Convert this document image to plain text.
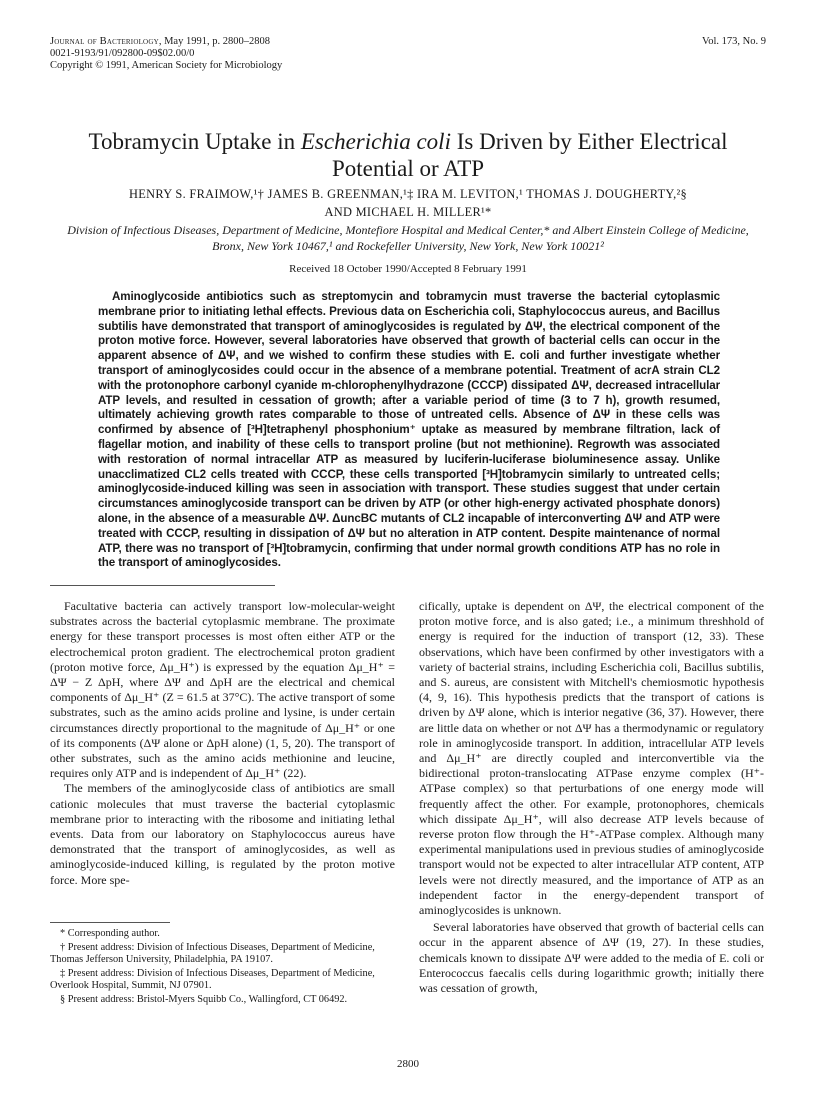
Journal of Bacteriology, May 1991, p. 2800–2808
0021-9193/91/092800-09$02.00/0
Copyright © 1991, American Society for Microbiology
Vol. 173, No. 9
Tobramycin Uptake in Escherichia coli Is Driven by Either Electrical Potential or ATP
HENRY S. FRAIMOW,¹† JAMES B. GREENMAN,¹‡ IRA M. LEVITON,¹ THOMAS J. DOUGHERTY,²§
AND MICHAEL H. MILLER¹*
Division of Infectious Diseases, Department of Medicine, Montefiore Hospital and Medical Center,* and Albert Einstein College of Medicine, Bronx, New York 10467,¹ and Rockefeller University, New York, New York 10021²
Received 18 October 1990/Accepted 8 February 1991

Aminoglycoside antibiotics such as streptomycin and tobramycin must traverse the bacterial cytoplasmic membrane prior to initiating lethal effects. Previous data on Escherichia coli, Staphylococcus aureus, and Bacillus subtilis have demonstrated that transport of aminoglycosides is regulated by ΔΨ, the electrical component of the proton motive force. However, several laboratories have observed that growth of bacterial cells can occur in the apparent absence of ΔΨ, and we wished to confirm these studies with E. coli and further investigate whether transport of aminoglycosides could occur in the absence of a membrane potential. Treatment of acrA strain CL2 with the protonophore carbonyl cyanide m-chlorophenylhydrazone (CCCP) dissipated ΔΨ, decreased intracellular ATP levels, and resulted in cessation of growth; after a variable period of time (3 to 7 h), growth resumed, ultimately achieving growth rates comparable to those of untreated cells. Absence of ΔΨ in these cells was confirmed by absence of [³H]tetraphenyl phosphonium⁺ uptake as measured by membrane filtration, lack of flagellar motion, and inability of these cells to transport proline (but not methionine). Regrowth was associated with restoration of normal intracellar ATP as measured by luciferin-luciferase bioluminesence assay. Unlike unacclimatized CL2 cells treated with CCCP, these cells transported [³H]tobramycin similarly to untreated cells; aminoglycoside-induced killing was seen in association with transport. These studies suggest that under certain circumstances aminoglycoside transport can be driven by ATP (or other high-energy activated phosphate donors) alone, in the absence of a measurable ΔΨ. ΔuncBC mutants of CL2 incapable of interconverting ΔΨ and ATP were treated with CCCP, resulting in dissipation of ΔΨ but no alteration in ATP content. Despite maintenance of normal ATP, there was no transport of [³H]tobramycin, confirming that under normal growth conditions ATP has no role in the transport of aminoglycosides.

Facultative bacteria can actively transport low-molecular-weight substrates across the bacterial cytoplasmic membrane. The proximate energy for these transport processes is most often either ATP or the electrochemical proton gradient. The electrochemical proton gradient (proton motive force, Δμ_H⁺) is expressed by the equation Δμ_H⁺ = ΔΨ − Z ΔpH, where ΔΨ and ΔpH are the electrical and chemical components of Δμ_H⁺ (Z = 61.5 at 37°C). The active transport of some substrates, such as the amino acids proline and lysine, is under certain circumstances directly proportional to the magnitude of Δμ_H⁺ or one of its components (ΔΨ alone or ΔpH alone) (1, 5, 20). The transport of other substrates, such as the amino acids methionine and leucine, requires only ATP and is independent of Δμ_H⁺ (22).

The members of the aminoglycoside class of antibiotics are small cationic molecules that must traverse the bacterial cytoplasmic membrane prior to interacting with the ribosome and initiating lethal events. Data from our laboratory on Staphylococcus aureus have demonstrated that the transport of aminoglycosides, as well as aminoglycoside-induced killing, is regulated by the proton motive force. More spe-

cifically, uptake is dependent on ΔΨ, the electrical component of the proton motive force, and is also gated; i.e., a minimum threshhold of energy is required for the induction of transport (12, 33). These observations, which have been confirmed by other investigators with a variety of bacterial strains, including Escherichia coli, Bacillus subtilis, and S. aureus, are consistent with Mitchell's chemiosmotic hypothesis (4, 9, 16). This hypothesis predicts that the transport of cations is driven by ΔΨ alone, which is interior negative (36, 37). However, there are little data on whether or not ΔΨ has a thermodynamic or regulatory role in aminoglycoside transport. In addition, intracellular ATP levels and Δμ_H⁺ are directly coupled and interconvertible via the bidirectional proton-translocating ATPase enzyme complex (H⁺-ATPase complex) so that perturbations of one energy mode will frequently affect the other. For example, protonophores, chemicals which dissipate Δμ_H⁺, will also decrease ATP levels because of reverse proton flow through the H⁺-ATPase complex. Although many experimental manipulations used in previous studies of aminoglycoside transport would not be expected to alter intracellular ATP content, ATP levels were not directly measured, and the importance of ATP as an independent factor in the energy-dependent transport of aminoglycosides is unknown.

Several laboratories have observed that growth of bacterial cells can occur in the apparent absence of ΔΨ (19, 27). In these studies, chemicals known to dissipate ΔΨ were added to the media of E. coli or Enterococcus faecalis cells during logarithmic growth; initially there was cessation of growth,

* Corresponding author.

† Present address: Division of Infectious Diseases, Department of Medicine, Thomas Jefferson University, Philadelphia, PA 19107.

‡ Present address: Division of Infectious Diseases, Department of Medicine, Overlook Hospital, Summit, NJ 07901.

§ Present address: Bristol-Myers Squibb Co., Wallingford, CT 06492.

2800
